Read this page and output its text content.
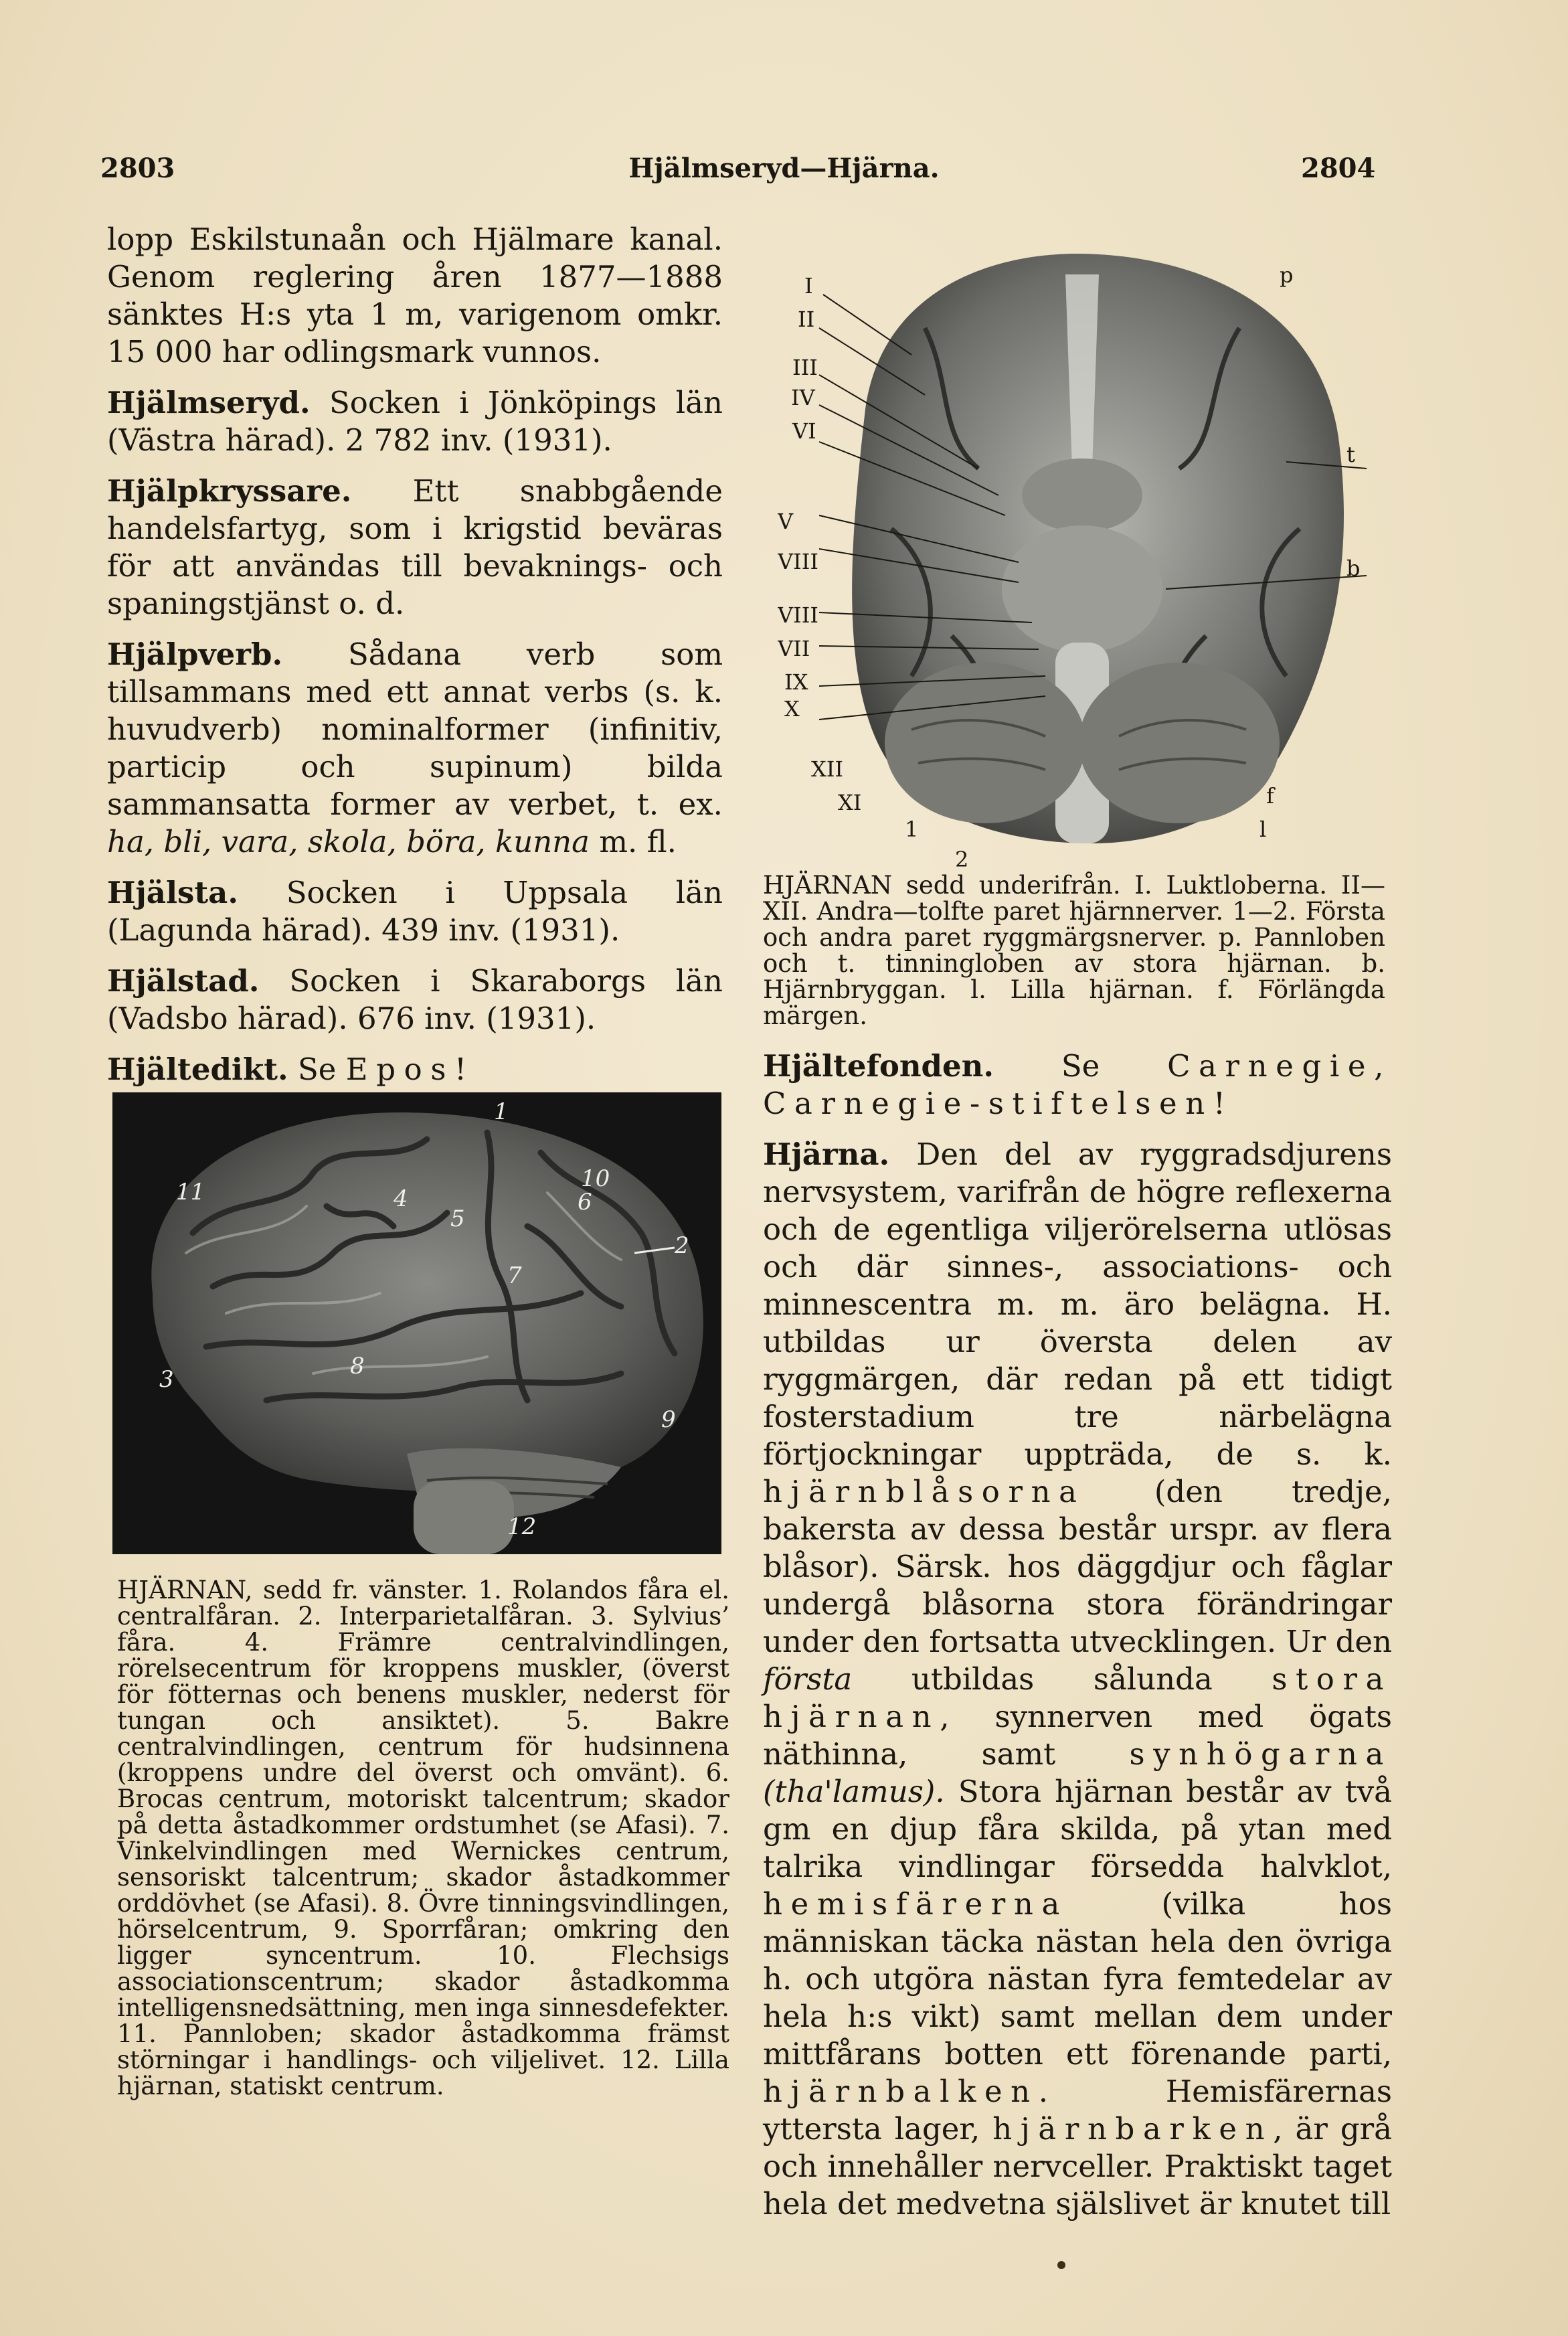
2803	Hjälmseryd—Hjärna.	2804

lopp Eskilstunaån och Hjälmare kanal. Genom reglering åren 1877—1888 sänktes H:s yta 1 m, varigenom omkr. 15 000 har odlingsmark vunnos.

Hjälmseryd. Socken i Jönköpings län (Västra härad). 2 782 inv. (1931).

Hjälpkryssare. Ett snabbgående handelsfartyg, som i krigstid beväras för att användas till bevaknings- och spaningstjänst o. d.

Hjälpverb. Sådana verb som tillsammans med ett annat verbs (s. k. huvudverb) nominalformer (infinitiv, particip och supinum) bilda sammansatta former av verbet, t. ex. ha, bli, vara, skola, böra, kunna m. fl.

Hjälsta. Socken i Uppsala län (Lagunda härad). 439 inv. (1931).

Hjälstad. Socken i Skaraborgs län (Vadsbo härad). 676 inv. (1931).

Hjältedikt. Se Epos!

1
2
3
4
5
6
7
8
9
10
11
12

HJÄRNAN, sedd fr. vänster. 1. Rolandos fåra el. centralfåran. 2. Interparietalfåran. 3. Sylvius’ fåra. 4. Främre centralvindlingen, rörelsecentrum för kroppens muskler, (överst för fötternas och benens muskler, nederst för tungan och ansiktet). 5. Bakre centralvindlingen, centrum för hudsinnena (kroppens undre del överst och omvänt). 6. Brocas centrum, motoriskt talcentrum; skador på detta åstadkommer ordstumhet (se Afasi). 7. Vinkelvindlingen med Wernickes centrum, sensoriskt talcentrum; skador åstadkommer orddövhet (se Afasi). 8. Övre tinningsvindlingen, hörselcentrum, 9. Sporrfåran; omkring den ligger syncentrum. 10. Flechsigs associationscentrum; skador åstadkomma intelligensnedsättning, men inga sinnesdefekter. 11. Pannloben; skador åstadkomma främst störningar i handlings- och viljelivet. 12. Lilla hjärnan, statiskt centrum.

I
II
III
IV
VI
V
VIII
VIII
VII
IX
X
XII
XI
1
2
p
t
b
f
l

HJÄRNAN sedd underifrån. I. Luktloberna. II—XII. Andra—tolfte paret hjärnnerver. 1—2. Första och andra paret ryggmärgsnerver. p. Pannloben och t. tinningloben av stora hjärnan. b. Hjärnbryggan. l. Lilla hjärnan. f. Förlängda märgen.

Hjältefonden. Se Carnegie, Carnegie-stiftelsen!

Hjärna. Den del av ryggradsdjurens nervsystem, varifrån de högre reflexerna och de egentliga viljerörelserna utlösas och där sinnes-, associations- och minnescentra m. m. äro belägna. H. utbildas ur översta delen av ryggmärgen, där redan på ett tidigt fosterstadium tre närbelägna förtjockningar uppträda, de s. k. hjärnblåsorna (den tredje, bakersta av dessa består urspr. av flera blåsor). Särsk. hos däggdjur och fåglar undergå blåsorna stora förändringar under den fortsatta utvecklingen. Ur den första utbildas sålunda stora hjärnan, synnerven med ögats näthinna, samt synhögarna (tha'lamus). Stora hjärnan består av två gm en djup fåra skilda, på ytan med talrika vindlingar försedda halvklot, hemisfärerna	(vilka hos människan täcka nästan hela den övriga h. och utgöra nästan fyra femtedelar av hela h:s vikt) samt mellan dem under mittfårans botten ett förenande parti, hjärnbalken. Hemisfärernas yttersta lager, hjärnbarken, är grå och innehåller nervceller. Praktiskt taget hela det medvetna själslivet är knutet till
